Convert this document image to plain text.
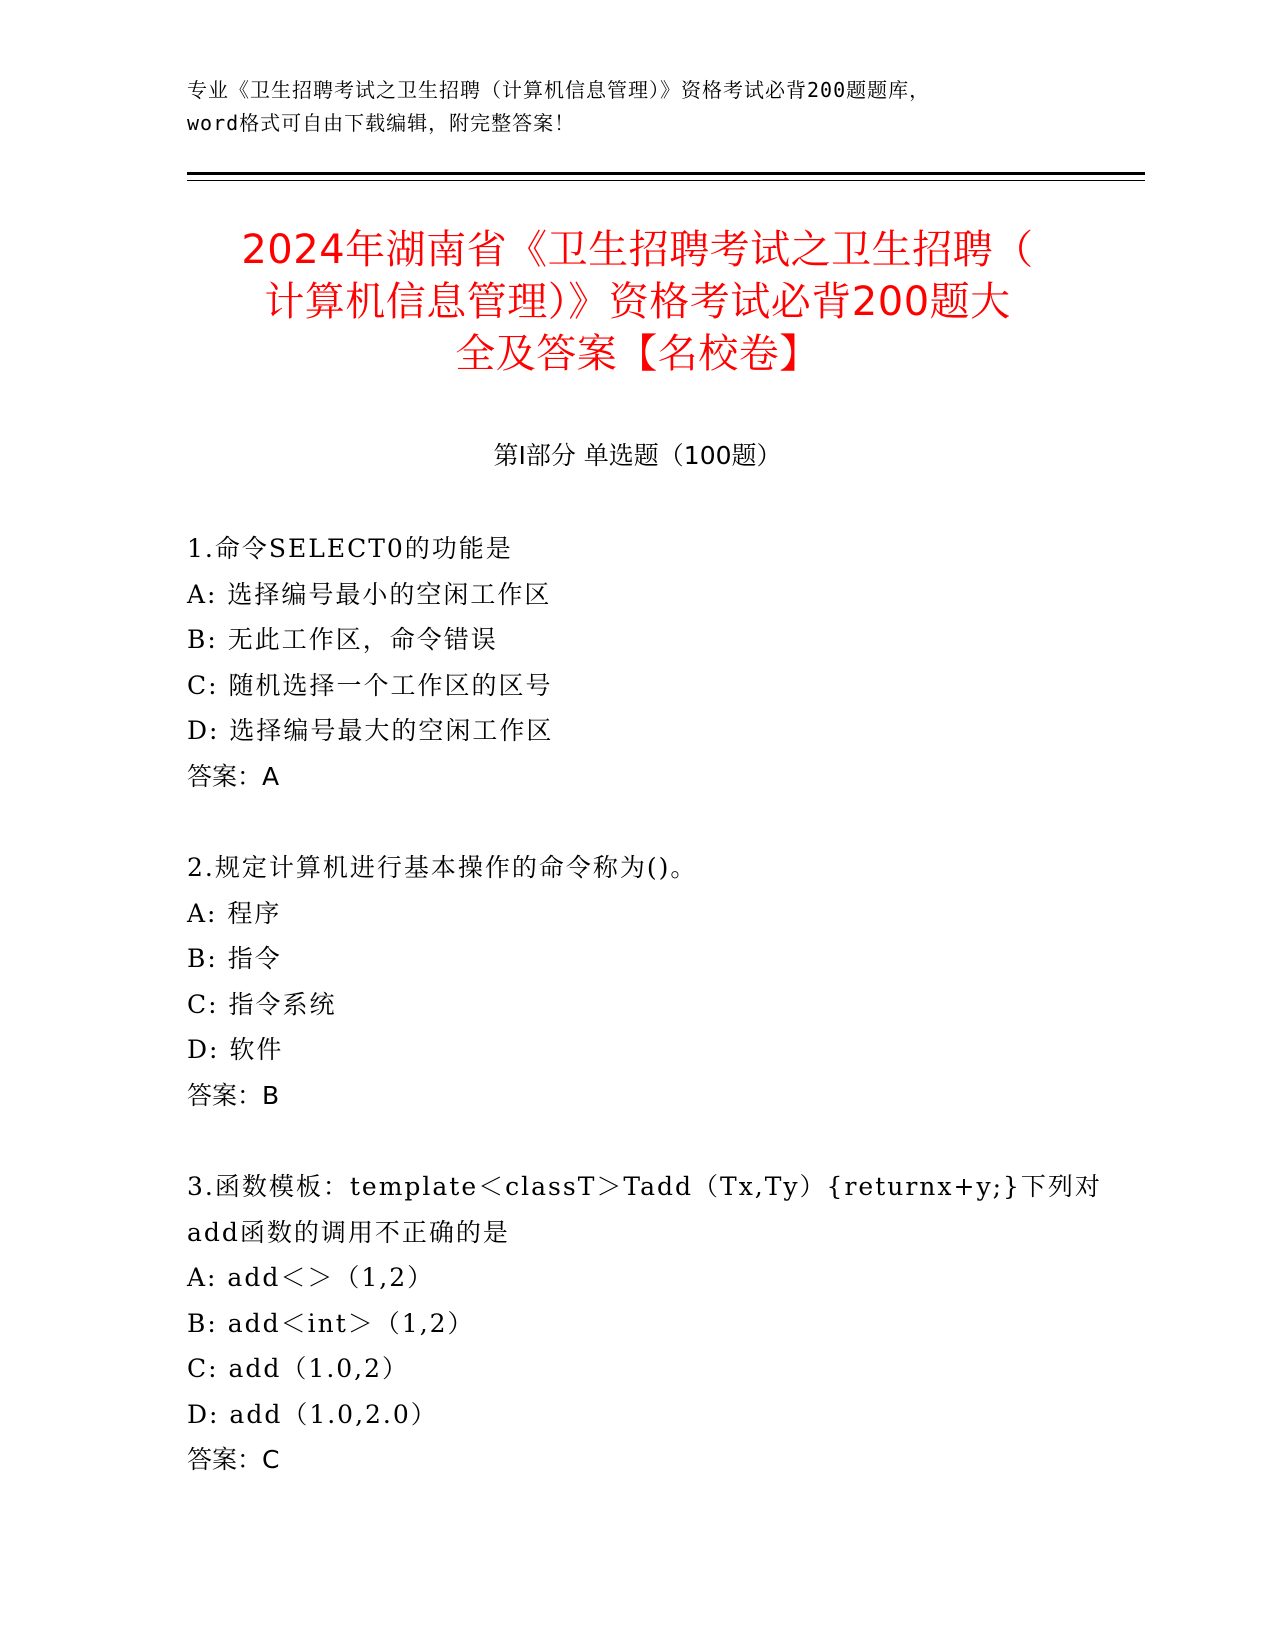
专业《卫生招聘考试之卫生招聘（计算机信息管理）》资格考试必背200题题库，
word格式可自由下载编辑，附完整答案！
2024年湖南省《卫生招聘考试之卫生招聘（
计算机信息管理）》资格考试必背200题大
全及答案【名校卷】
第Ⅰ部分 单选题（100题）
1.命令SELECT0的功能是
A: 选择编号最小的空闲工作区
B: 无此工作区，命令错误
C: 随机选择一个工作区的区号
D: 选择编号最大的空闲工作区
答案：A
2.规定计算机进行基本操作的命令称为()。
A: 程序
B: 指令
C: 指令系统
D: 软件
答案：B
3.函数模板：template＜classT＞Tadd（Tx,Ty）{returnx+y;}下列对
add函数的调用不正确的是
A: add＜＞（1,2）
B: add＜int＞（1,2）
C: add（1.0,2）
D: add（1.0,2.0）
答案：C
